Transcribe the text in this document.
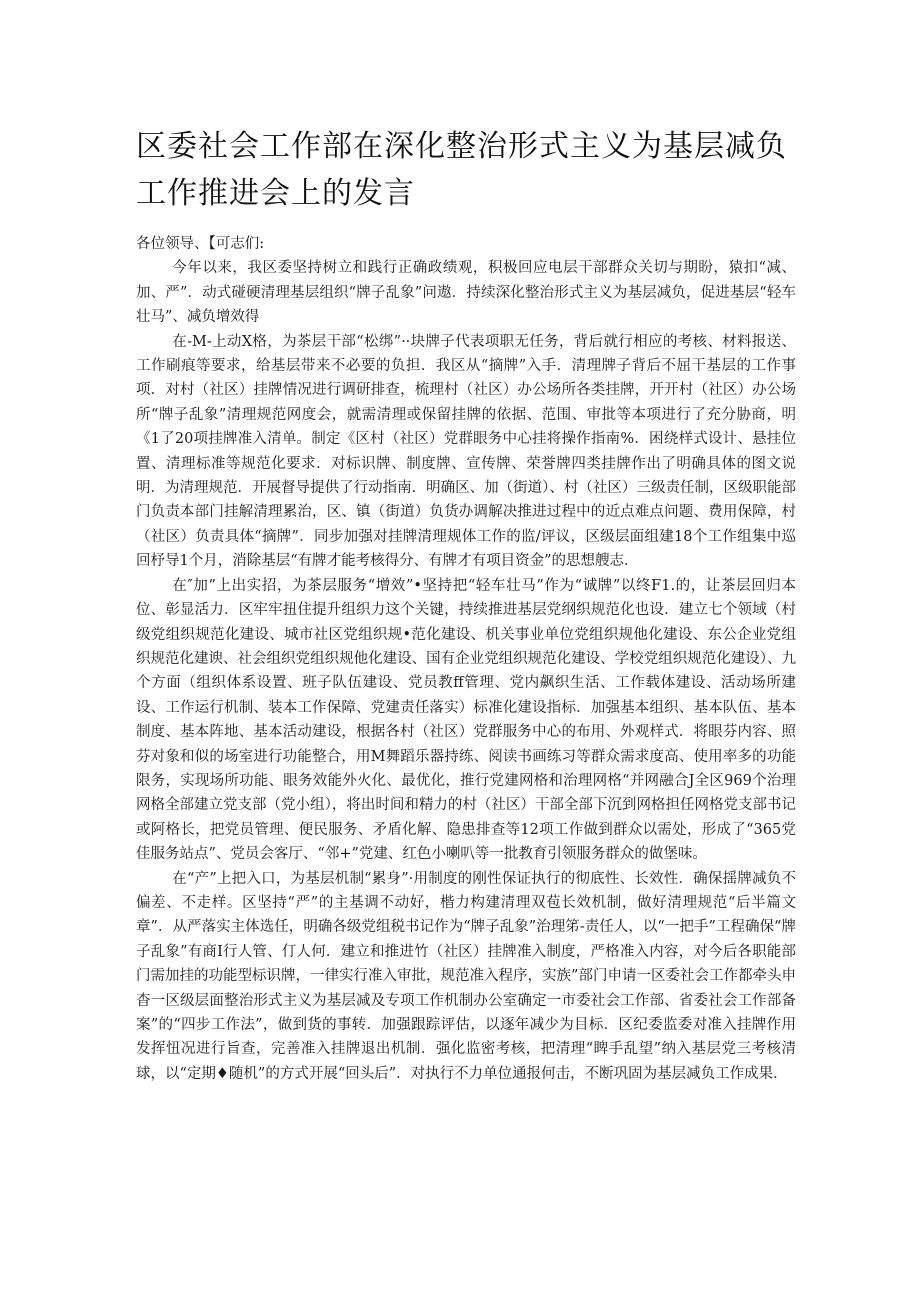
区委社会工作部在深化整治形式主义为基层减负工作推进会上的发言

各位领导、【可志们:

今年以来，我区委坚持树立和践行正确政绩观，积极回应电层干部群众关切与期盼，猿扣“减、加、严”．动式碰硬清理基层组织“牌子乱象”问遨．持续深化整治形式主义为基层减负，促进基层“轻车壮马”、减负增效得

在-M-上动X格，为茶层干部“松绑”··块牌子代表项职无任务，背后就行相应的考核、材料报送、工作刷痕等要求，给基层带来不必要的负担．我区从“摘牌”入手．清理牌子背后不屈干基层的工作事项．对村（社区）挂牌情况进行调研排查，梳理村（社区）办公场所各类挂牌，开开村（社区）办公场所“牌子乱象”清理规范网度会，就需清理或保留挂牌的依据、范围、审批等本项进行了充分胁商，明《1了20项挂牌准入清单。制定《区村（社区）党群眼务中心挂将操作指南%．困绕样式设计、悬挂位置、清理标准等规范化要求．对标识牌、制度牌、宣传牌、荣誉牌四类挂牌作出了明确具体的图文说明．为清理规范．开展督导提供了行动指南．明确区、加（街道）、村（社区）三级责任制，区级职能部门负责本部门挂解清理累治，区、镇（街道）负货办调解决推进过程中的近点难点问题、费用保障，村（社区）负责具体“摘牌”．同步加强对挂牌清理规体工作的监/评议，区级层面组建18个工作组集中巡回杼导1个月，消除基层“有牌才能考核得分、有牌才有项目资金”的思想艘志．

在″加”上出实招，为茶层服务“增效”•坚持把“轻车壮马”作为“诚牌”以终F1.的，让茶层回归本位、彰显活力．区牢牢扭住提升组织力这个关键，持续推进基层党纲织规范化也设．建立七个领域（村级党组织规范化建设、城市社区党组织规•范化建设、机关事业单位党组织规他化建设、东公企业党组织规范化建谀、社会组织党组织规他化建设、国有企业党组织规范化建设、学校党组织规范化建设）、九个方面（组织体系设置、班子队伍建设、党员教ff管理、党内飙织生活、工作载体建设、活动场所建设、工作运行机制、装本工作保障、党建责任落实）标准化建设指标．加强基本组织、基本队伍、基本制度、基本阵地、基本活动建设，根据各村（社区）党群服务中心的布用、外观样式．将眼芬内容、照芬对象和似的场室进行功能整合，用M舞蹈乐器持练、阅读书画练习等群众需求度高、使用率多的功能限务，实现场所功能、眼务效能外火化、最优化，推行党建网格和治理网格“并网融合J全区969个治理网格全部建立党支部（党小组），将出时间和精力的村（社区）干部全部下沉到网格担任网格党支部书记或阿格长，把党员管理、便民服务、矛盾化解、隐患排查等12项工作做到群众以需处，形成了“365党佳服务站点”、党员会客厅、“邻+”党建、红色小喇叭等一批教育引领服务群众的做堡味。

在“产”上把入口，为基层机制“累身”·用制度的刚性保证执行的彻底性、长效性．确保揺牌减负不偏差、不走样。区坚持“严”的主基调不动好，楷力构建清理双苞长效机制，做好清理规范“后半篇文章”．从严落实主体选任，明确各级党组税书记作为“牌子乱象”治理笫-责任人，以“一把手”工程确保“牌子乱象”有商I行人管、仃人何．建立和推进竹（社区）挂牌准入制度，严格准入内容，对今后各职能部门需加挂的功能型标识牌，一律实行准入审批，规范准入程序，实族”部门申请一区委社会工作都牵头申杳一区级层面整治形式主义为基层减及专项工作机制办公室确定一市委社会工作部、省委社会工作部备案”的“四步工作法”，做到货的事转．加强跟踪评估，以逐年减少为目标．区纪委监委对准入挂牌作用发挥忸况进行旨查，完善准入挂牌退出机制．强化监密考核，把清理“睥手乱望”纳入基层党三考核清球，以“定期♦随机”的方式开展“回头后”．对执行不力单位通报何击，不断巩固为基层减负工作成果．
